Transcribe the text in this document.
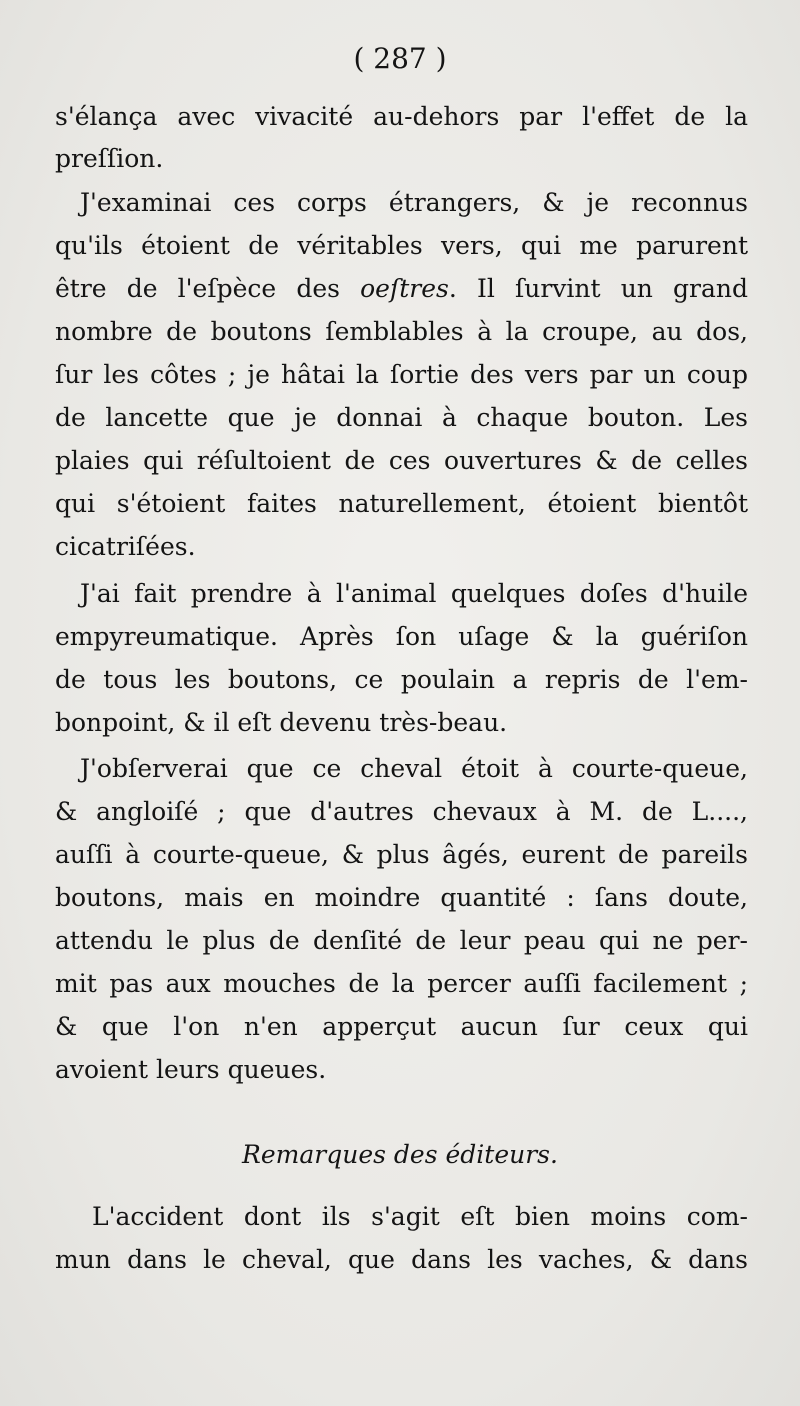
( 287 )
s'élança avec vivacité au-dehors par l'effet de la
preſſion.
J'examinai ces corps étrangers, & je reconnus
qu'ils étoient de véritables vers, qui me parurent
être de l'eſpèce des oeſtres. Il ſurvint un grand
nombre de boutons ſemblables à la croupe, au dos,
ſur les côtes ; je hâtai la ſortie des vers par un coup
de lancette que je donnai à chaque bouton. Les
plaies qui réſultoient de ces ouvertures & de celles
qui s'étoient faites naturellement, étoient bientôt
cicatriſées.
J'ai fait prendre à l'animal quelques doſes d'huile
empyreumatique. Après ſon uſage & la guériſon
de tous les boutons, ce poulain a repris de l'em-
bonpoint, & il eſt devenu très-beau.
J'obſerverai que ce cheval étoit à courte-queue,
& angloiſé ; que d'autres chevaux à M. de L....,
auſſi à courte-queue, & plus âgés, eurent de pareils
boutons, mais en moindre quantité : ſans doute,
attendu le plus de denſité de leur peau qui ne per-
mit pas aux mouches de la percer auſſi facilement ;
& que l'on n'en apperçut aucun ſur ceux qui
avoient leurs queues.
Remarques des éditeurs.
L'accident dont ils s'agit eſt bien moins com-
mun dans le cheval, que dans les vaches, & dans
